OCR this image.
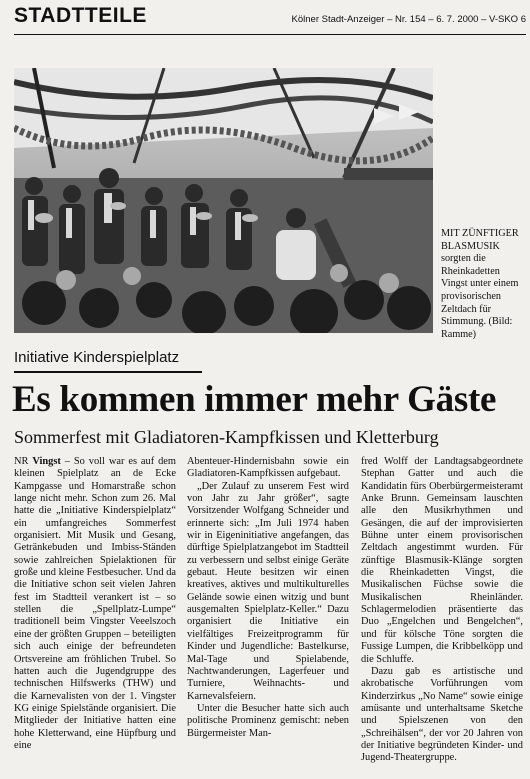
STADTTEILE	Kölner Stadt-Anzeiger – Nr. 154 – 6. 7. 2000 – V-SKO 6
MIT ZÜNFTIGER BLASMUSIK sorgten die Rheinkadetten Vingst unter einem provisorischen Zeltdach für Stimmung. (Bild: Ramme)
Initiative Kinderspielplatz
Es kommen immer mehr Gäste
Sommerfest mit Gladiatoren-Kampfkissen und Kletterburg

NR Vingst – So voll war es auf dem kleinen Spielplatz an de Ecke Kampgasse und Homarstraße schon lange nicht mehr. Schon zum 26. Mal hatte die „Initiative Kinderspielplatz“ ein umfangreiches Sommerfest organisiert. Mit Musik und Gesang, Getränkebuden und Imbiss-Ständen sowie zahlreichen Spielaktionen für große und kleine Festbesucher. Und da die Initiative schon seit vielen Jahren fest im Stadtteil verankert ist – so stellen die „Spellplatz-Lumpe“ traditionell beim Vingster Veeelszoch eine der größten Gruppen – beteiligten sich auch einige der befreundeten Ortsvereine am fröhlichen Trubel. So hatten auch die Jugendgruppe des technischen Hilfswerks (THW) und die Karnevalisten von der 1. Vingster KG einige Spielstände organisiert. Die Mitglieder der Initiative hatten eine hohe Kletterwand, eine Hüpfburg und eine

Abenteuer-Hindernisbahn sowie ein Gladiatoren-Kampfkissen aufgebaut.

„Der Zulauf zu unserem Fest wird von Jahr zu Jahr größer“, sagte Vorsitzender Wolfgang Schneider und erinnerte sich: „Im Juli 1974 haben wir in Eigeninitiative angefangen, das dürftige Spielplatzangebot im Stadtteil zu verbessern und selbst einige Geräte gebaut. Heute besitzen wir einen kreatives, aktives und multikulturelles Gelände sowie einen witzig und bunt ausgemalten Spielplatz-Keller.“ Dazu organisiert die Initiative ein vielfältiges Freizeitprogramm für Kinder und Jugendliche: Bastelkurse, Mal-Tage und Spielabende, Nachtwanderungen, Lagerfeuer und Turniere, Weihnachts- und Karnevalsfeiern.

Unter die Besucher hatte sich auch politische Prominenz gemischt: neben Bürgermeister Man-

fred Wolff der Landtagsabgeordnete Stephan Gatter und auch die Kandidatin fürs Oberbürgermeisteramt Anke Brunn. Gemeinsam lauschten alle den Musikrhythmen und Gesängen, die auf der improvisierten Bühne unter einem provisorischen Zeltdach angestimmt wurden. Für zünftige Blasmusik-Klänge sorgten die Rheinkadetten Vingst, die Musikalischen Füchse sowie die Musikalischen Rheinländer. Schlagermelodien präsentierte das Duo „Engelchen und Bengelchen“, und für kölsche Töne sorgten die Fussige Lumpen, die Kribbelköpp und die Schluffe.

Dazu gab es artistische und akrobatische Vorführungen vom Kinderzirkus „No Name“ sowie einige amüsante und unterhaltsame Sketche und Spielszenen von den „Schreihälsen“, der vor 20 Jahren von der Initiative begründeten Kinder- und Jugend-Theatergruppe.
